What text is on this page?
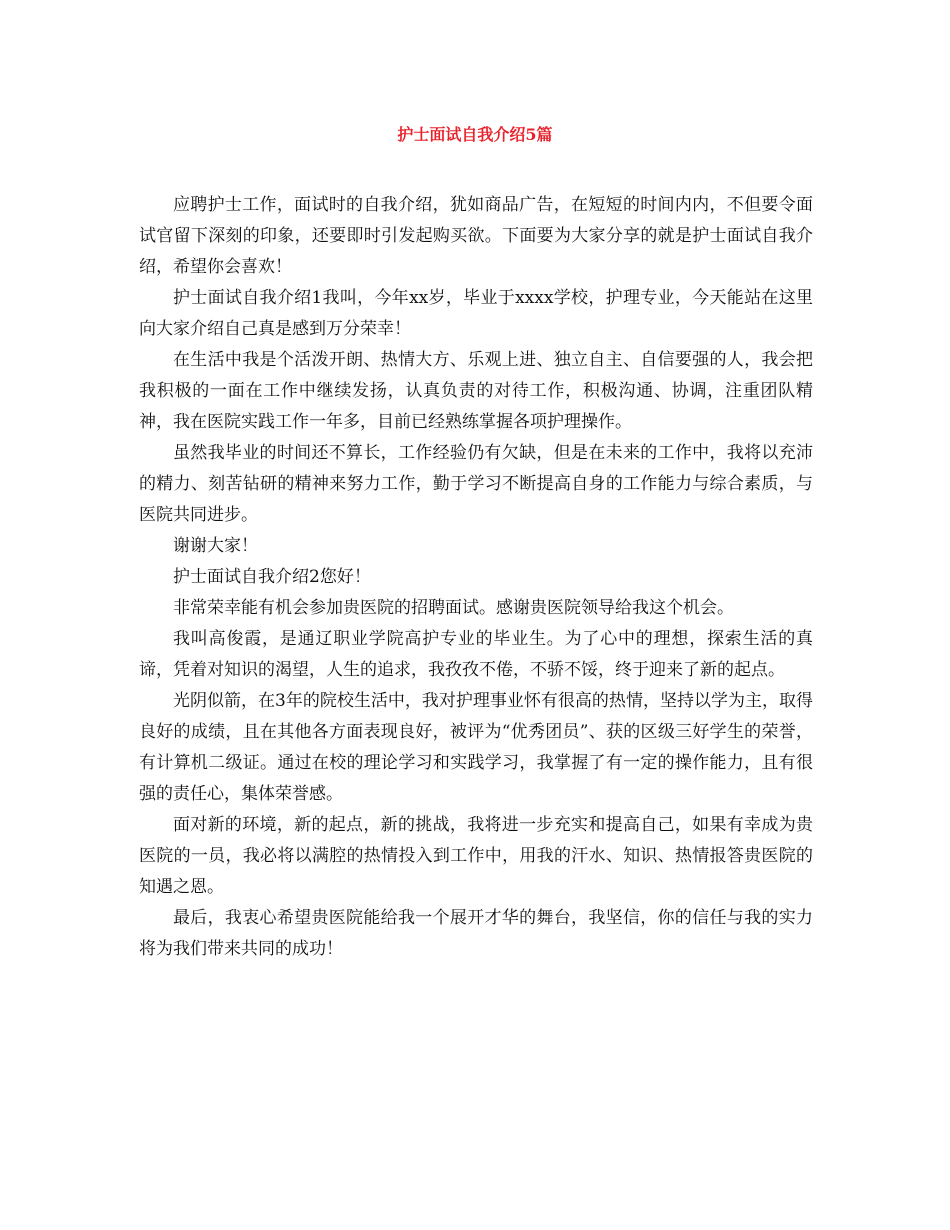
护士面试自我介绍5篇

应聘护士工作，面试时的自我介绍，犹如商品广告，在短短的时间内内，不但要令面试官留下深刻的印象，还要即时引发起购买欲。下面要为大家分享的就是护士面试自我介绍，希望你会喜欢！

护士面试自我介绍1我叫，今年xx岁，毕业于xxxx学校，护理专业，今天能站在这里向大家介绍自己真是感到万分荣幸！

在生活中我是个活泼开朗、热情大方、乐观上进、独立自主、自信要强的人，我会把我积极的一面在工作中继续发扬，认真负责的对待工作，积极沟通、协调，注重团队精神，我在医院实践工作一年多，目前已经熟练掌握各项护理操作。

虽然我毕业的时间还不算长，工作经验仍有欠缺，但是在未来的工作中，我将以充沛的精力、刻苦钻研的精神来努力工作，勤于学习不断提高自身的工作能力与综合素质，与医院共同进步。

谢谢大家！

护士面试自我介绍2您好！

非常荣幸能有机会参加贵医院的招聘面试。感谢贵医院领导给我这个机会。

我叫高俊霞，是通辽职业学院高护专业的毕业生。为了心中的理想，探索生活的真谛，凭着对知识的渴望，人生的追求，我孜孜不倦，不骄不馁，终于迎来了新的起点。

光阴似箭，在3年的院校生活中，我对护理事业怀有很高的热情，坚持以学为主，取得良好的成绩，且在其他各方面表现良好，被评为“优秀团员”、获的区级三好学生的荣誉，有计算机二级证。通过在校的理论学习和实践学习，我掌握了有一定的操作能力，且有很强的责任心，集体荣誉感。

面对新的环境，新的起点，新的挑战，我将进一步充实和提高自己，如果有幸成为贵医院的一员，我必将以满腔的热情投入到工作中，用我的汗水、知识、热情报答贵医院的知遇之恩。

最后，我衷心希望贵医院能给我一个展开才华的舞台，我坚信，你的信任与我的实力将为我们带来共同的成功！
